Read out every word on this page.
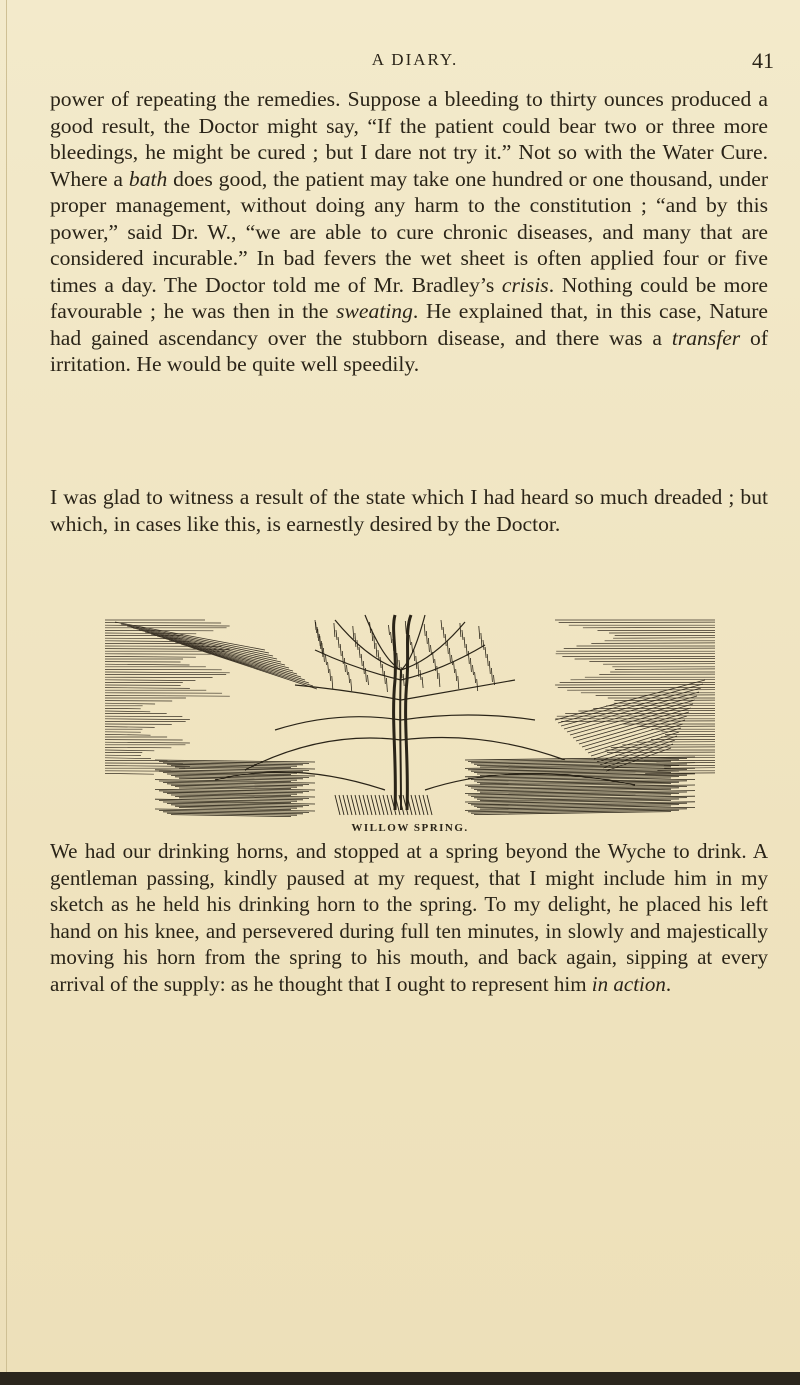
A DIARY.	41

power of repeating the remedies. Suppose a bleeding to thirty ounces produced a good result, the Doctor might say, “If the patient could bear two or three more bleedings, he might be cured ; but I dare not try it.” Not so with the Water Cure. Where a bath does good, the patient may take one hundred or one thousand, under proper management, without doing any harm to the constitution ; “and by this power,” said Dr. W., “we are able to cure chronic diseases, and many that are considered incurable.” In bad fevers the wet sheet is often applied four or five times a day. The Doctor told me of Mr. Bradley’s crisis. Nothing could be more favourable ; he was then in the sweating. He explained that, in this case, Nature had gained ascendancy over the stubborn disease, and there was a transfer of irritation. He would be quite well speedily.

I was glad to witness a result of the state which I had heard so much dreaded ; but which, in cases like this, is earnestly desired by the Doctor.

WILLOW SPRING.

We had our drinking horns, and stopped at a spring beyond the Wyche to drink. A gentleman passing, kindly paused at my request, that I might include him in my sketch as he held his drinking horn to the spring. To my delight, he placed his left hand on his knee, and persevered during full ten minutes, in slowly and majestically moving his horn from the spring to his mouth, and back again, sipping at every arrival of the supply: as he thought that I ought to represent him in action.
